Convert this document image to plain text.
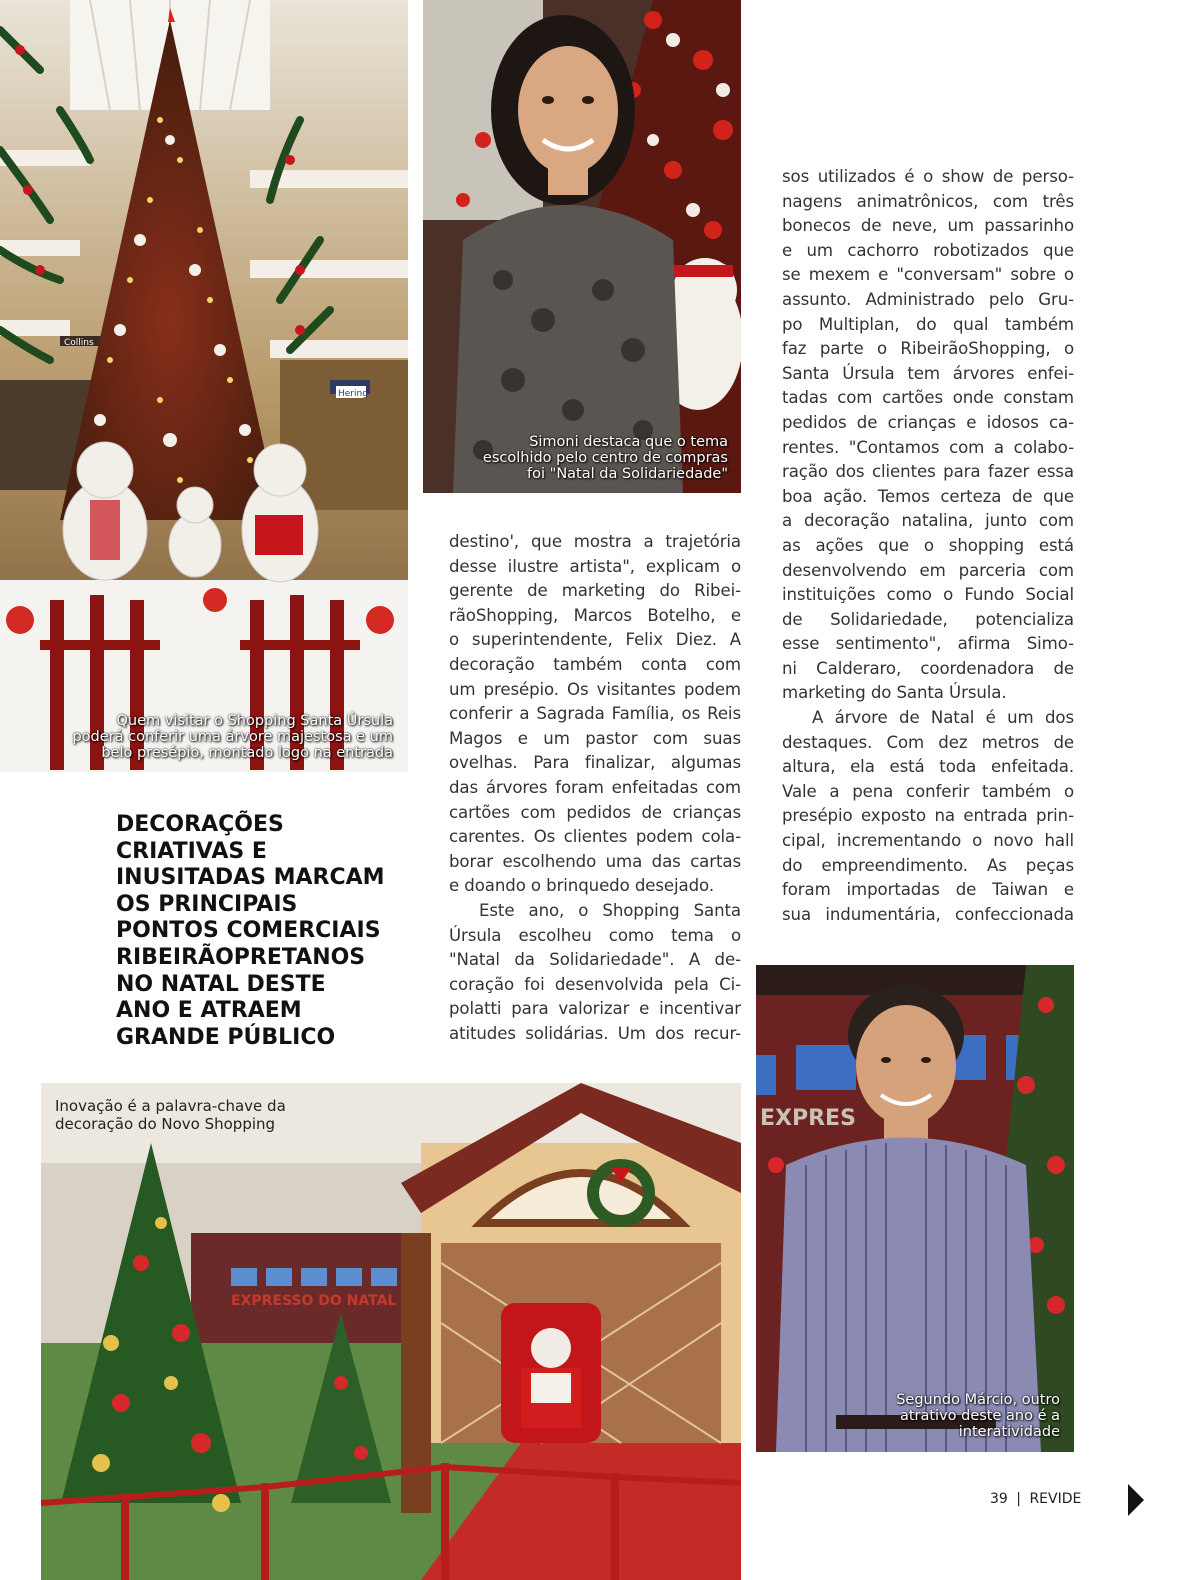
Collins
Hering
Quem visitar o Shopping Santa Úrsula
poderá conferir uma árvore majestosa e um
belo presépio, montado logo na entrada
Simoni destaca que o tema
escolhido pelo centro de compras
foi "Natal da Solidariedade"
sos utilizados é o show de perso-
nagens animatrônicos, com três
bonecos de neve, um passarinho
e um cachorro robotizados que
se mexem e "conversam" sobre o
assunto. Administrado pelo Gru-
po Multiplan, do qual também
faz parte o RibeirãoShopping, o
Santa Úrsula tem árvores enfei-
tadas com cartões onde constam
pedidos de crianças e idosos ca-
rentes. "Contamos com a colabo-
ração dos clientes para fazer essa
boa ação. Temos certeza de que
a decoração natalina, junto com
as ações que o shopping está
desenvolvendo em parceria com
instituições como o Fundo Social
de Solidariedade, potencializa
esse sentimento", afirma Simo-
ni Calderaro, coordenadora de
marketing do Santa Úrsula.
A árvore de Natal é um dos
destaques. Com dez metros de
altura, ela está toda enfeitada.
Vale a pena conferir também o
presépio exposto na entrada prin-
cipal, incrementando o novo hall
do empreendimento. As peças
foram importadas de Taiwan e
sua indumentária, confeccionada
destino', que mostra a trajetória
desse ilustre artista", explicam o
gerente de marketing do Ribei-
rãoShopping, Marcos Botelho, e
o superintendente, Felix Diez. A
decoração também conta com
um presépio. Os visitantes podem
conferir a Sagrada Família, os Reis
Magos e um pastor com suas
ovelhas. Para finalizar, algumas
das árvores foram enfeitadas com
cartões com pedidos de crianças
carentes. Os clientes podem cola-
borar escolhendo uma das cartas
e doando o brinquedo desejado.
Este ano, o Shopping Santa
Úrsula escolheu como tema o
"Natal da Solidariedade". A de-
coração foi desenvolvida pela Ci-
polatti para valorizar e incentivar
atitudes solidárias. Um dos recur-
DECORAÇÕES
CRIATIVAS E
INUSITADAS MARCAM
OS PRINCIPAIS
PONTOS COMERCIAIS
RIBEIRÃOPRETANOS
NO NATAL DESTE
ANO E ATRAEM
GRANDE PÚBLICO
EXPRESSO DO NATAL
Inovação é a palavra-chave da
decoração do Novo Shopping	EXPRES
Segundo Márcio, outro
atrativo deste ano é a
interatividade
39 | REVIDE
